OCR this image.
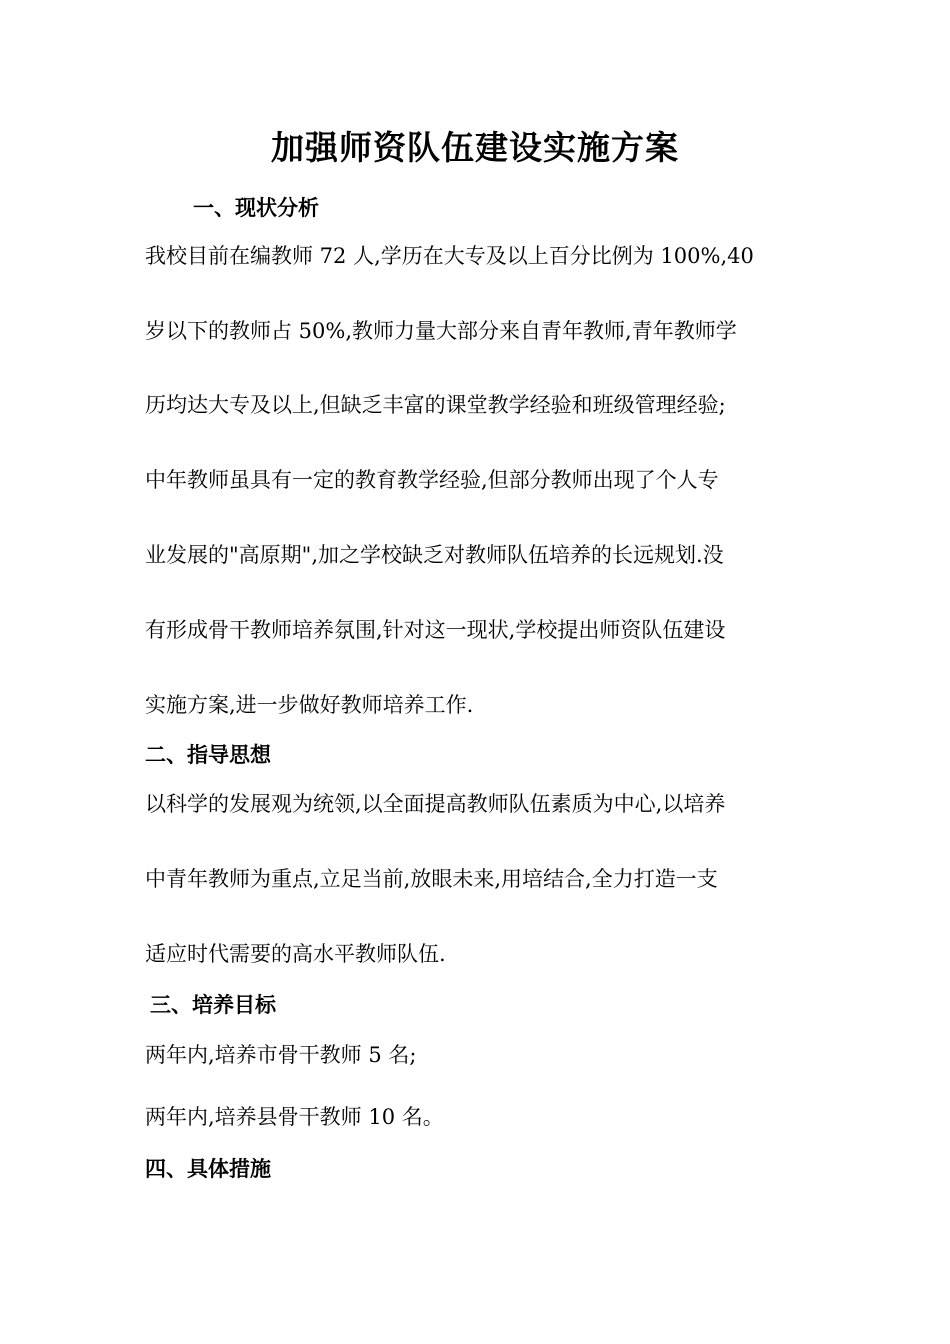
加强师资队伍建设实施方案
一、现状分析
我校目前在编教师 72 人,学历在大专及以上百分比例为 100%,40
岁以下的教师占 50%,教师力量大部分来自青年教师,青年教师学
历均达大专及以上,但缺乏丰富的课堂教学经验和班级管理经验;
中年教师虽具有一定的教育教学经验,但部分教师出现了个人专
业发展的"高原期",加之学校缺乏对教师队伍培养的长远规划.没
有形成骨干教师培养氛围,针对这一现状,学校提出师资队伍建设
实施方案,进一步做好教师培养工作.
二、指导思想
以科学的发展观为统领,以全面提高教师队伍素质为中心,以培养
中青年教师为重点,立足当前,放眼未来,用培结合,全力打造一支
适应时代需要的高水平教师队伍.
三、培养目标
两年内,培养市骨干教师 5 名;
两年内,培养县骨干教师 10 名。
四、具体措施
